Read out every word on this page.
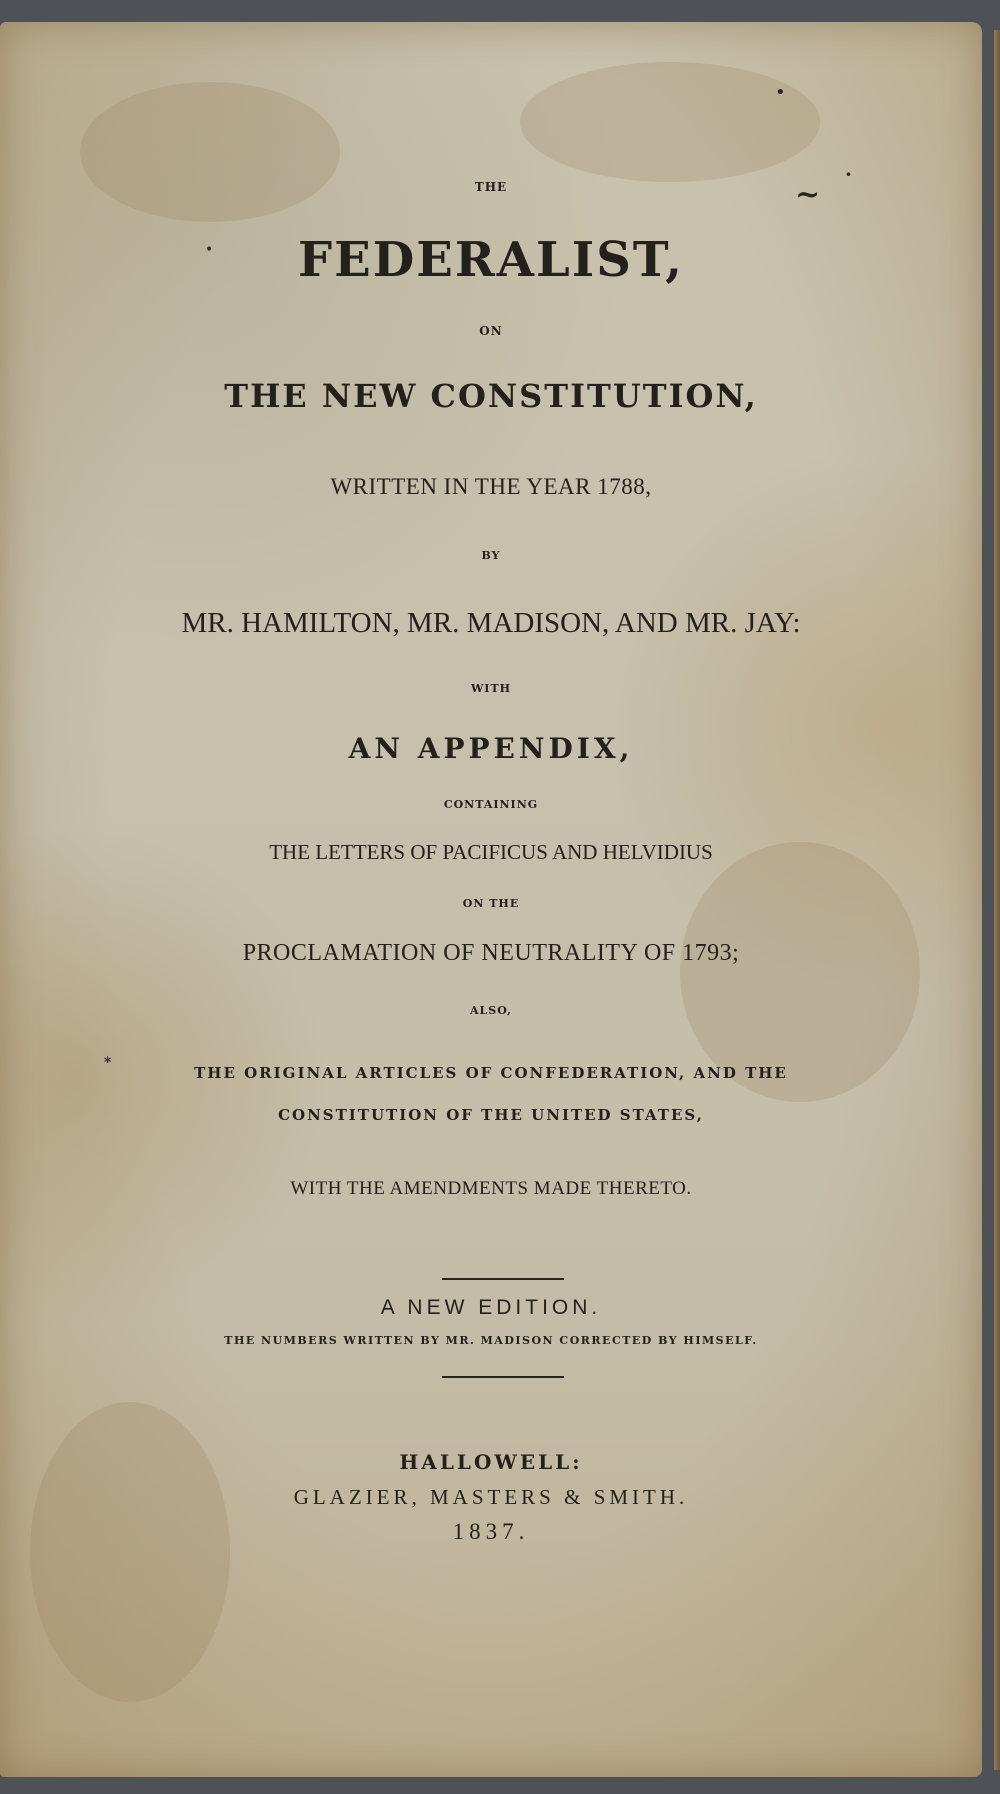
•
~
·
*
•
THE
FEDERALIST,
ON
THE NEW CONSTITUTION,
WRITTEN IN THE YEAR 1788,
BY
MR. HAMILTON, MR. MADISON, AND MR. JAY:
WITH
AN APPENDIX,
CONTAINING
THE LETTERS OF PACIFICUS AND HELVIDIUS
ON THE
PROCLAMATION OF NEUTRALITY OF 1793;
ALSO,
THE ORIGINAL ARTICLES OF CONFEDERATION, AND THE
CONSTITUTION OF THE UNITED STATES,
WITH THE AMENDMENTS MADE THERETO.
A NEW EDITION.
THE NUMBERS WRITTEN BY MR. MADISON CORRECTED BY HIMSELF.
HALLOWELL:
GLAZIER, MASTERS & SMITH.
1837.
